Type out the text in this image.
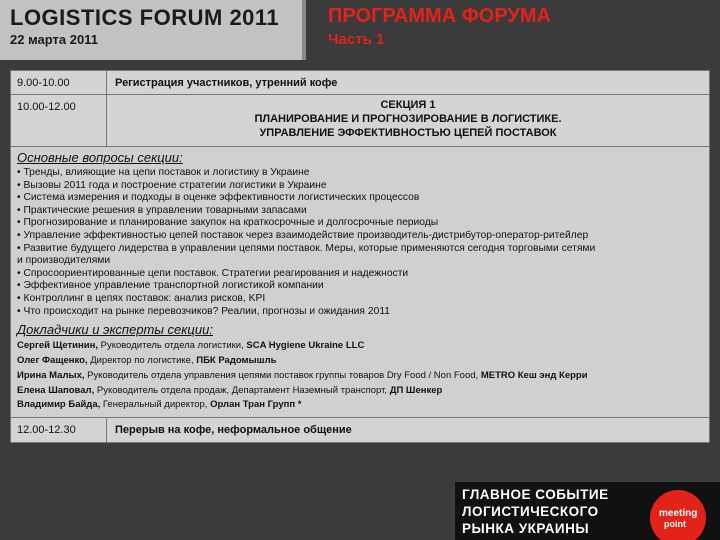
LOGISTICS FORUM 2011
22 марта 2011
ПРОГРАММА ФОРУМА
Часть 1
9.00-10.00	Регистрация участников, утренний кофе
10.00-12.00	СЕКЦИЯ 1
ПЛАНИРОВАНИЕ И ПРОГНОЗИРОВАНИЕ В ЛОГИСТИКЕ.
УПРАВЛЕНИЕ ЭФФЕКТИВНОСТЬЮ ЦЕПЕЙ ПОСТАВОК
Основные вопросы секции:
• Тренды, влияющие на цепи поставок и логистику в Украине
• Вызовы 2011 года и построение стратегии логистики в Украине
• Система измерения и подходы в оценке эффективности логистических процессов
• Практические решения в управлении товарными запасами
• Прогнозирование и планирование закупок на краткосрочные и долгосрочные периоды
• Управление эффективностью цепей поставок через взаимодействие производитель-дистрибутор-оператор-ритейлер
• Развитие будущего лидерства в управлении цепями поставок. Меры, которые применяются сегодня торговыми сетями
и производителями
• Спросоориентированные цепи поставок. Стратегии реагирования и надежности
• Эффективное управление транспортной логистикой компании
• Контроллинг в цепях поставок: анализ рисков, KPI
• Что происходит на рынке перевозчиков? Реалии, прогнозы и ожидания 2011
Докладчики и эксперты секции:
Сергей Щетинин, Руководитель отдела логистики, SCA Hygiene Ukraine LLC
Олег Фащенко, Директор по логистике, ПБК Радомышль
Ирина Малых, Руководитель отдела управления цепями поставок группы товаров Dry Food / Non Food, METRO Кеш энд Керри
Елена Шаповал, Руководитель отдела продаж, Департамент Наземный транспорт, ДП Шенкер
Владимир Байда, Генеральный директор, Орлан Тран Групп *
12.00-12.30	Перерыв на кофе, неформальное общение
ГЛАВНОЕ СОБЫТИЕ
ЛОГИСТИЧЕСКОГО
РЫНКА УКРАИНЫ
meeting
point
